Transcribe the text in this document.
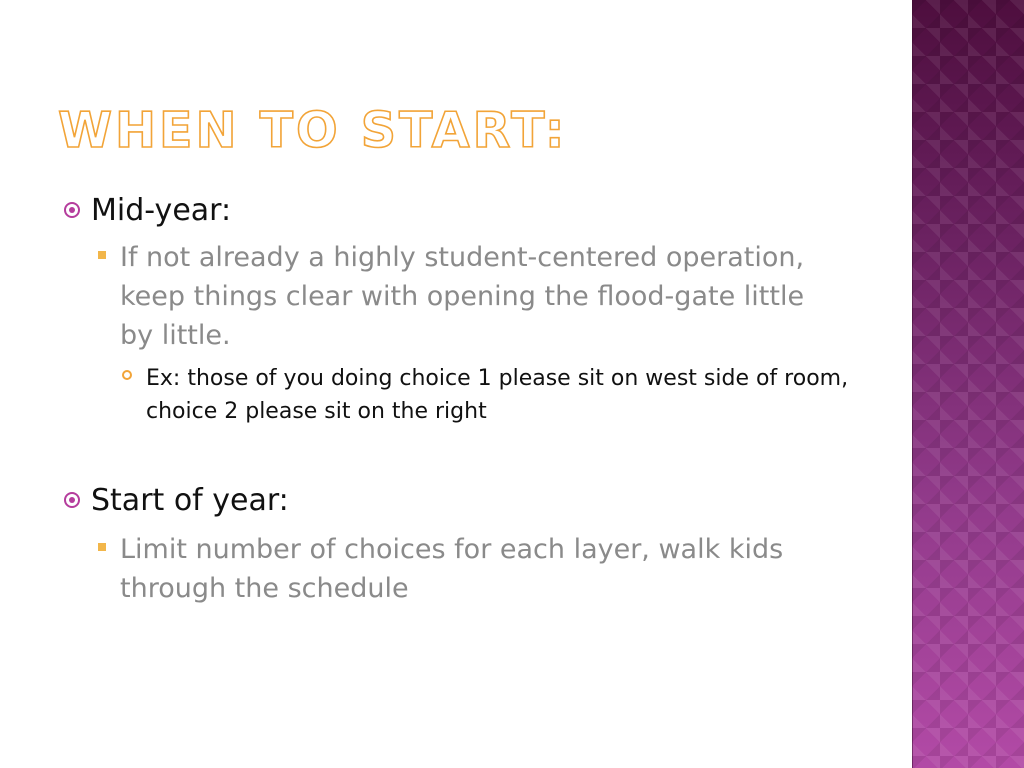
WHEN TO START:
Mid-year:
If not already a highly student-centered operation, keep things clear with opening the flood-gate little by little.
Ex: those of you doing choice 1 please sit on west side of room, choice 2 please sit on the right
Start of year:
Limit number of choices for each layer, walk kids through the schedule
